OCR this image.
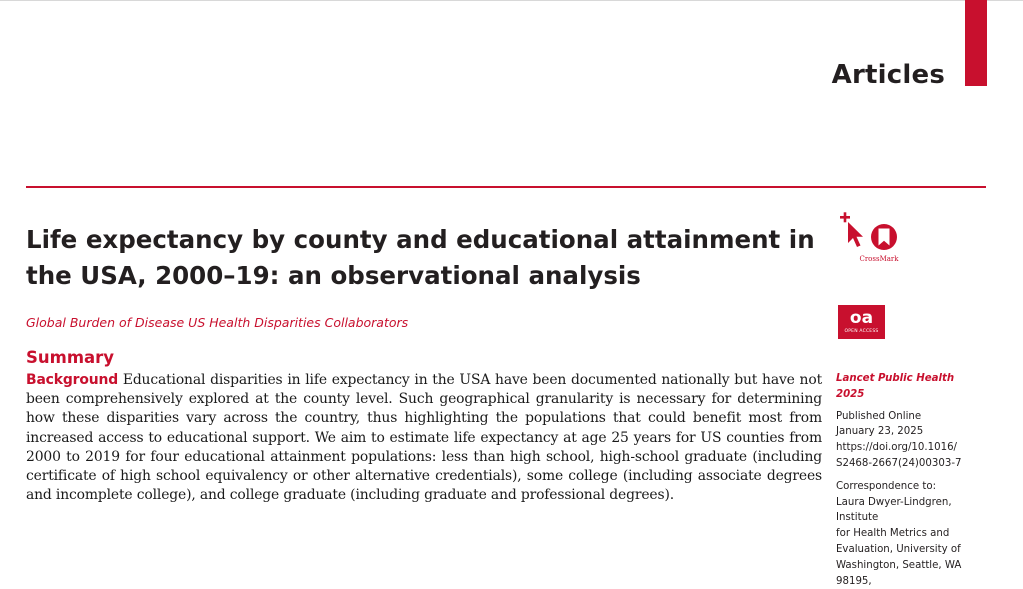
Articles
Life expectancy by county and educational attainment in the USA, 2000–19: an observational analysis
Global Burden of Disease US Health Disparities Collaborators
Summary

Background Educational disparities in life expectancy in the USA have been documented nationally but have not been comprehensively explored at the county level. Such geographical granularity is necessary for determining how these disparities vary across the country, thus highlighting the populations that could benefit most from increased access to educational support. We aim to estimate life expectancy at age 25 years for US counties from 2000 to 2019 for four educational attainment populations: less than high school, high-school graduate (including certificate of high school equivalency or other alternative credentials), some college (including associate degrees and incomplete college), and college graduate (including graduate and professional degrees).

CrossMark
oa
OPEN ACCESS

Lancet Public Health 2025

Published Online

January 23, 2025

https://doi.org/10.1016/

S2468-2667(24)00303-7

Correspondence to:

Laura Dwyer-Lindgren, Institute

for Health Metrics and

Evaluation, University of

Washington, Seattle, WA 98195,
